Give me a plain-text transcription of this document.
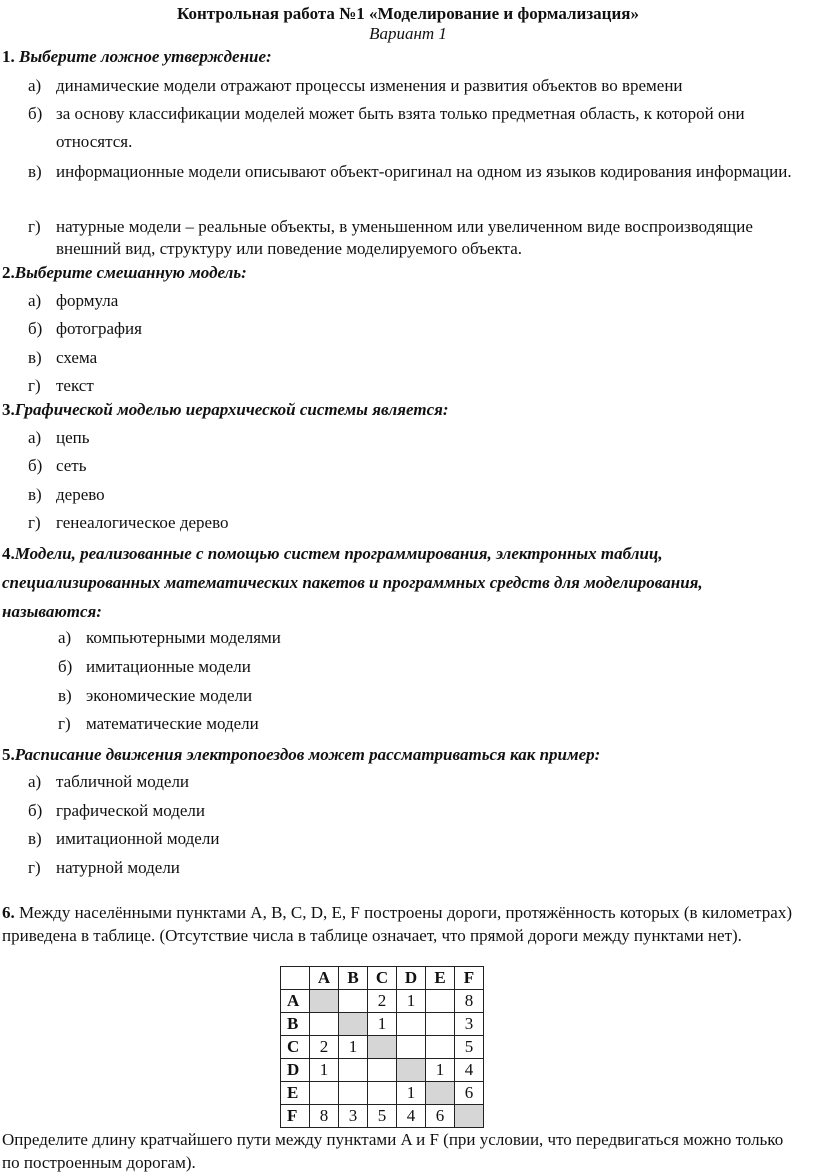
Контрольная работа №1 «Моделирование и формализация»
Вариант 1
1. Выберите ложное утверждение:
а) динамические модели отражают процессы изменения и развития объектов во времени
б) за основу классификации моделей может быть взята только предметная область, к которой они относятся.
в) информационные модели описывают объект-оригинал на одном из языков кодирования информации.
г) натурные модели – реальные объекты, в уменьшенном или увеличенном виде воспроизводящие внешний вид, структуру или поведение моделируемого объекта.
2.Выберите смешанную модель:
а) формула
б) фотография
в) схема
г) текст
3.Графической моделью иерархической системы является:
а) цепь
б) сеть
в) дерево
г) генеалогическое дерево
4.Модели, реализованные с помощью систем программирования, электронных таблиц, специализированных математических пакетов и программных средств для моделирования, называются:
а) компьютерными моделями
б) имитационные модели
в) экономические модели
г) математические модели
5.Расписание движения электропоездов может рассматриваться как пример:
а) табличной модели
б) графической модели
в) имитационной модели
г) натурной модели
6. Между населёнными пунктами A, B, C, D, E, F построены дороги, протяжённость которых (в километрах) приведена в таблице. (Отсутствие числа в таблице означает, что прямой дороги между пунктами нет).
	A	B	C	D	E	F
A			2	1		8
B			1			3
C	2	1				5
D	1				1	4
E				1		6
F	8	3	5	4	6	
Определите длину кратчайшего пути между пунктами A и F (при условии, что передвигаться можно только по построенным дорогам).
